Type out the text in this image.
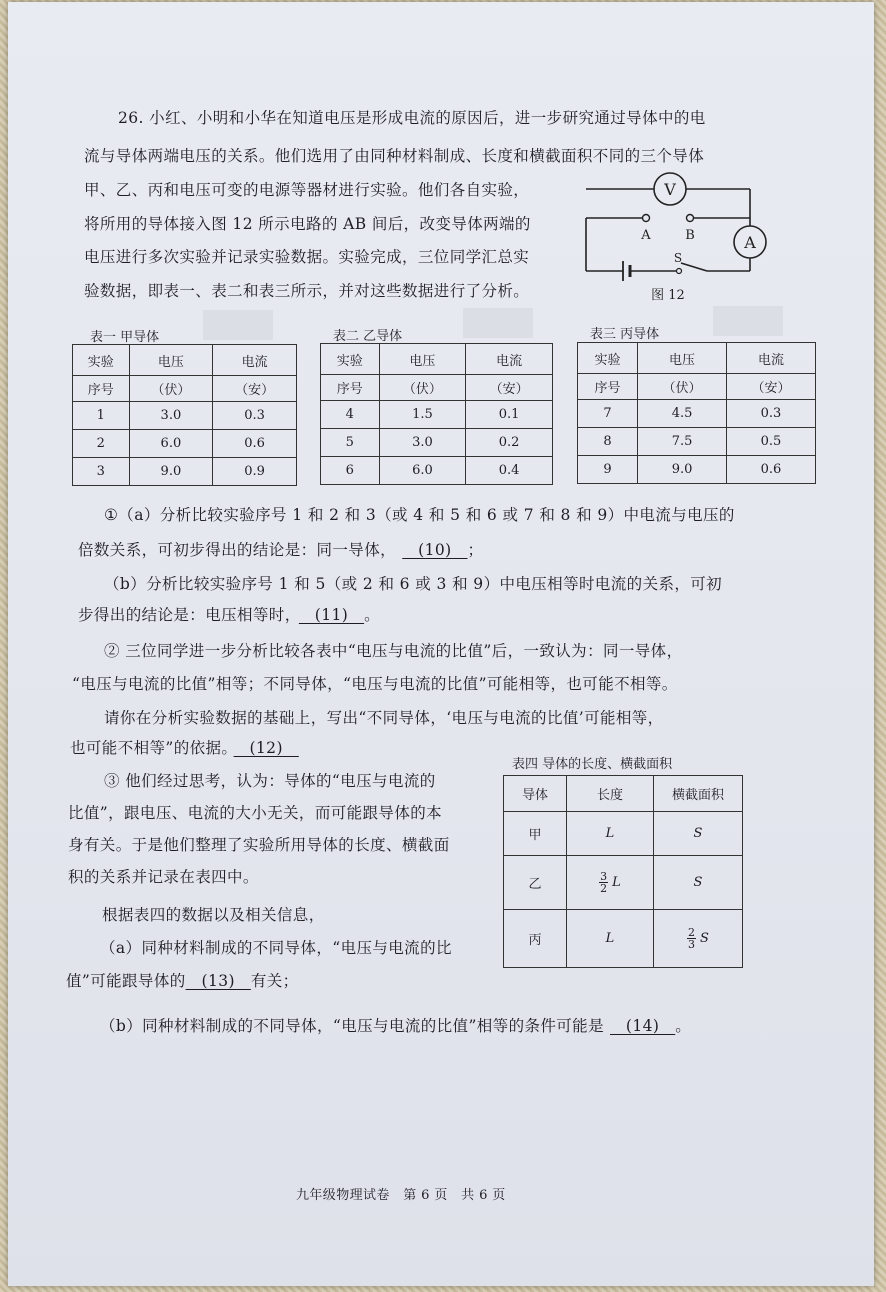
26. 小红、小明和小华在知道电压是形成电流的原因后，进一步研究通过导体中的电
流与导体两端电压的关系。他们选用了由同种材料制成、长度和横截面积不同的三个导体
甲、乙、丙和电压可变的电源等器材进行实验。他们各自实验，
将所用的导体接入图 12 所示电路的 AB 间后，改变导体两端的
电压进行多次实验并记录实验数据。实验完成，三位同学汇总实
验数据，即表一、表二和表三所示，并对这些数据进行了分析。
V
A
A	B
S
图 12
表一 甲导体	表二 乙导体	表三 丙导体
实验	电压	电流
序号	（伏）	（安）
1	3.0	0.3
2	6.0	0.6
3	9.0	0.9
实验	电压	电流
序号	（伏）	（安）
4	1.5	0.1
5	3.0	0.2
6	6.0	0.4
实验	电压	电流
序号	（伏）	（安）
7	4.5	0.3
8	7.5	0.5
9	9.0	0.6
①（a）分析比较实验序号 1 和 2 和 3（或 4 和 5 和 6 或 7 和 8 和 9）中电流与电压的
倍数关系，可初步得出的结论是：同一导体，　(10)　；
（b）分析比较实验序号 1 和 5（或 2 和 6 或 3 和 9）中电压相等时电流的关系，可初
步得出的结论是：电压相等时，　(11)　。
② 三位同学进一步分析比较各表中“电压与电流的比值”后，一致认为：同一导体，
“电压与电流的比值”相等；不同导体，“电压与电流的比值”可能相等，也可能不相等。
请你在分析实验数据的基础上，写出“不同导体，‘电压与电流的比值’可能相等，
也可能不相等”的依据。　(12)　
③ 他们经过思考，认为：导体的“电压与电流的
比值”，跟电压、电流的大小无关，而可能跟导体的本
身有关。于是他们整理了实验所用导体的长度、横截面
积的关系并记录在表四中。
根据表四的数据以及相关信息，
（a）同种材料制成的不同导体，“电压与电流的比
值”可能跟导体的　(13)　有关；
（b）同种材料制成的不同导体，“电压与电流的比值”相等的条件可能是　(14)　。
表四 导体的长度、横截面积
导体	长度	横截面积
甲	L	S
乙	$\frac{3}{2}$ L	S
丙	L	$\frac{2}{3}$ S
九年级物理试卷　第 6 页　共 6 页
